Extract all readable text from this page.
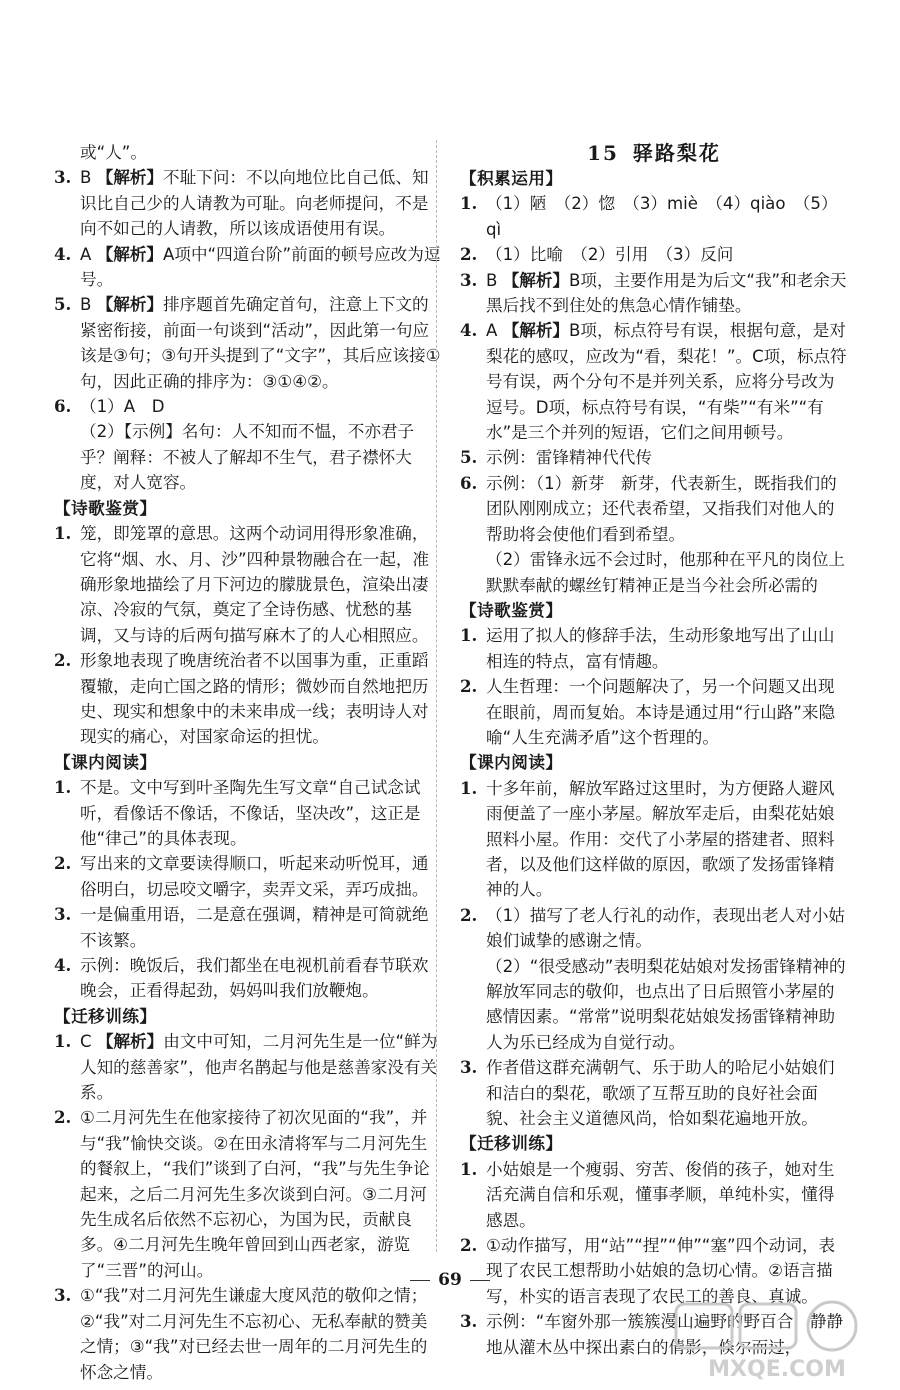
或“人”。

3. B 【解析】不耻下问：不以向地位比自己低、知识比自己少的人请教为可耻。向老师提问，不是向不如己的人请教，所以该成语使用有误。

4. A 【解析】A项中“四道台阶”前面的顿号应改为逗号。

5. B 【解析】排序题首先确定首句，注意上下文的紧密衔接，前面一句谈到“活动”，因此第一句应该是③句；③句开头提到了“文字”，其后应该接①句，因此正确的排序为：③①④②。

6. （1）A　D

（2）【示例】名句：人不知而不愠，不亦君子乎？阐释：不被人了解却不生气，君子襟怀大度，对人宽容。

【诗歌鉴赏】

1. 笼，即笼罩的意思。这两个动词用得形象准确，它将“烟、水、月、沙”四种景物融合在一起，准确形象地描绘了月下河边的朦胧景色，渲染出凄凉、冷寂的气氛，奠定了全诗伤感、忧愁的基调，又与诗的后两句描写麻木了的人心相照应。

2. 形象地表现了晚唐统治者不以国事为重，正重蹈覆辙，走向亡国之路的情形；微妙而自然地把历史、现实和想象中的未来串成一线；表明诗人对现实的痛心，对国家命运的担忧。

【课内阅读】

1. 不是。文中写到叶圣陶先生写文章“自己试念试听，看像话不像话，不像话，坚决改”，这正是他“律己”的具体表现。

2. 写出来的文章要读得顺口，听起来动听悦耳，通俗明白，切忌咬文嚼字，卖弄文采，弄巧成拙。

3. 一是偏重用语，二是意在强调，精神是可简就绝不该繁。

4. 示例：晚饭后，我们都坐在电视机前看春节联欢晚会，正看得起劲，妈妈叫我们放鞭炮。

【迁移训练】

1. C 【解析】由文中可知，二月河先生是一位“鲜为人知的慈善家”，他声名鹊起与他是慈善家没有关系。

2. ①二月河先生在他家接待了初次见面的“我”，并与“我”愉快交谈。②在田永清将军与二月河先生的餐叙上，“我们”谈到了白河，“我”与先生争论起来，之后二月河先生多次谈到白河。③二月河先生成名后依然不忘初心，为国为民，贡献良多。④二月河先生晚年曾回到山西老家，游览了“三晋”的河山。

3. ①“我”对二月河先生谦虚大度风范的敬仰之情；②“我”对二月河先生不忘初心、无私奉献的赞美之情；③“我”对已经去世一周年的二月河先生的怀念之情。

15 驿路梨花

【积累运用】

1. （1）陋　（2）惚　（3）miè　（4）qiào　（5）qì

2. （1）比喻　（2）引用　（3）反问

3. B 【解析】B项，主要作用是为后文“我”和老余天黑后找不到住处的焦急心情作铺垫。

4. A 【解析】B项，标点符号有误，根据句意，是对梨花的感叹，应改为“看，梨花！”。C项，标点符号有误，两个分句不是并列关系，应将分号改为逗号。D项，标点符号有误，“有柴”“有米”“有水”是三个并列的短语，它们之间用顿号。

5. 示例：雷锋精神代代传

6. 示例：（1）新芽　新芽，代表新生，既指我们的团队刚刚成立；还代表希望，又指我们对他人的帮助将会使他们看到希望。

（2）雷锋永远不会过时，他那种在平凡的岗位上默默奉献的螺丝钉精神正是当今社会所必需的

【诗歌鉴赏】

1. 运用了拟人的修辞手法，生动形象地写出了山山相连的特点，富有情趣。

2. 人生哲理：一个问题解决了，另一个问题又出现在眼前，周而复始。本诗是通过用“行山路”来隐喻“人生充满矛盾”这个哲理的。

【课内阅读】

1. 十多年前，解放军路过这里时，为方便路人避风雨便盖了一座小茅屋。解放军走后，由梨花姑娘照料小屋。作用：交代了小茅屋的搭建者、照料者，以及他们这样做的原因，歌颂了发扬雷锋精神的人。

2. （1）描写了老人行礼的动作，表现出老人对小姑娘们诚挚的感谢之情。

（2）“很受感动”表明梨花姑娘对发扬雷锋精神的解放军同志的敬仰，也点出了日后照管小茅屋的感情因素。“常常”说明梨花姑娘发扬雷锋精神助人为乐已经成为自觉行动。

3. 作者借这群充满朝气、乐于助人的哈尼小姑娘们和洁白的梨花，歌颂了互帮互助的良好社会面貌、社会主义道德风尚，恰如梨花遍地开放。

【迁移训练】

1. 小姑娘是一个瘦弱、穷苦、俊俏的孩子，她对生活充满自信和乐观，懂事孝顺，单纯朴实，懂得感恩。

2. ①动作描写，用“站”“捏”“伸”“塞”四个动词，表现了农民工想帮助小姑娘的急切心情。②语言描写，朴实的语言表现了农民工的善良、真诚。

3. 示例：“车窗外那一簇簇漫山遍野的野百合，静静地从灌木丛中探出素白的倩影，倏尔而过，

69
MXQE.COM
